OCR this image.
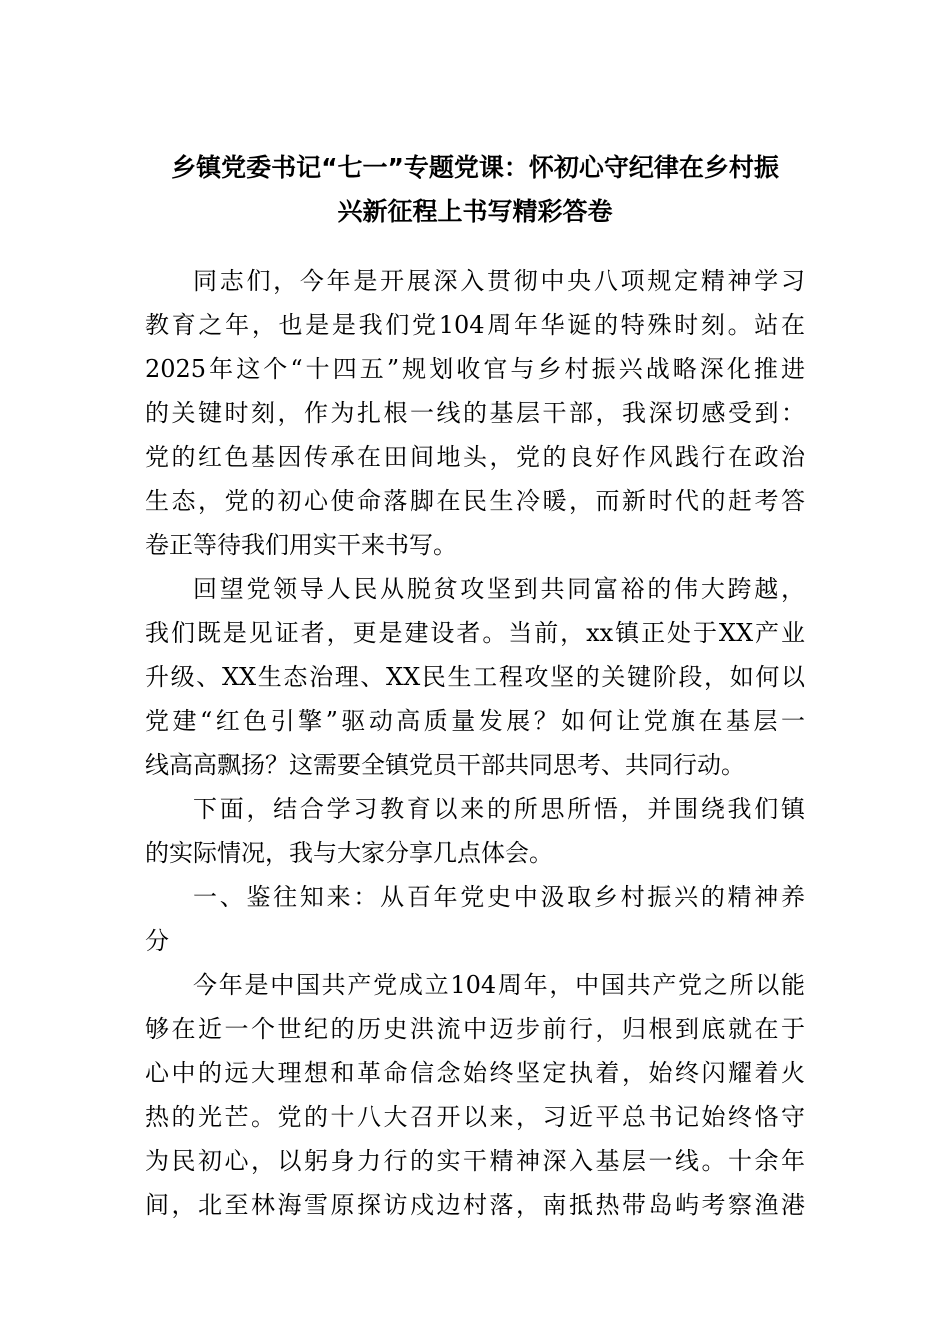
乡镇党委书记“七一”专题党课：怀初心守纪律在乡村振
兴新征程上书写精彩答卷
同志们，今年是开展深入贯彻中央八项规定精神学习
教育之年，也是是我们党104周年华诞的特殊时刻。站在
2025年这个“十四五”规划收官与乡村振兴战略深化推进
的关键时刻，作为扎根一线的基层干部，我深切感受到：
党的红色基因传承在田间地头，党的良好作风践行在政治
生态，党的初心使命落脚在民生冷暖，而新时代的赶考答
卷正等待我们用实干来书写。
回望党领导人民从脱贫攻坚到共同富裕的伟大跨越，
我们既是见证者，更是建设者。当前，xx镇正处于XX产业
升级、XX生态治理、XX民生工程攻坚的关键阶段，如何以
党建“红色引擎”驱动高质量发展？如何让党旗在基层一
线高高飘扬？这需要全镇党员干部共同思考、共同行动。
下面，结合学习教育以来的所思所悟，并围绕我们镇
的实际情况，我与大家分享几点体会。
一、鉴往知来：从百年党史中汲取乡村振兴的精神养
分
今年是中国共产党成立104周年，中国共产党之所以能
够在近一个世纪的历史洪流中迈步前行，归根到底就在于
心中的远大理想和革命信念始终坚定执着，始终闪耀着火
热的光芒。党的十八大召开以来，习近平总书记始终恪守
为民初心，以躬身力行的实干精神深入基层一线。十余年
间，北至林海雪原探访戍边村落，南抵热带岛屿考察渔港
